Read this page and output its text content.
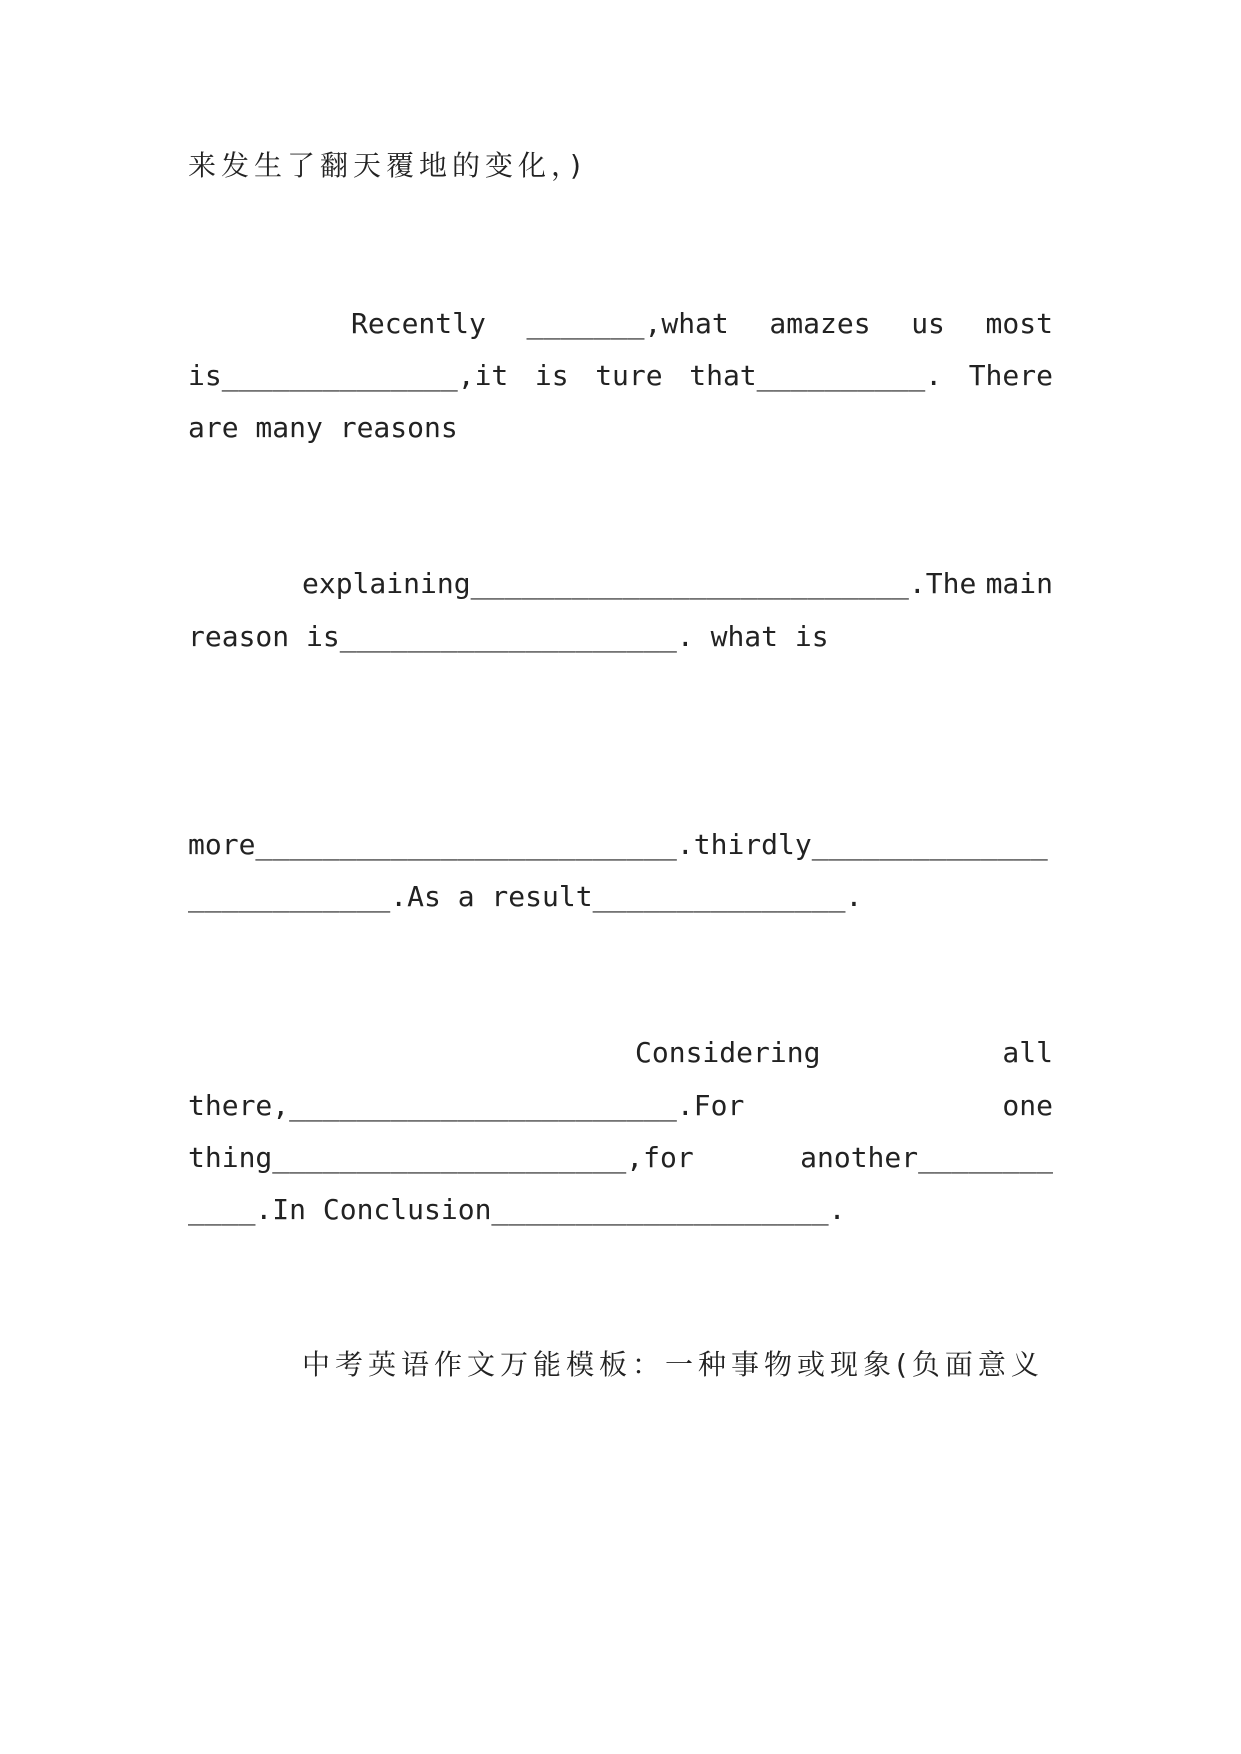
来发生了翻天覆地的变化，)
Recently _______,what amazes us most
is______________,it is ture that__________. There
are many reasons
explaining__________________________.The main
reason is____________________. what is
more_________________________.thirdly______________
____________.As a result_______________.
Considering	all
there,_______________________.For	one
thing_____________________,for	another________
____.In Conclusion____________________.
中考英语作文万能模板：一种事物或现象(负面意义
